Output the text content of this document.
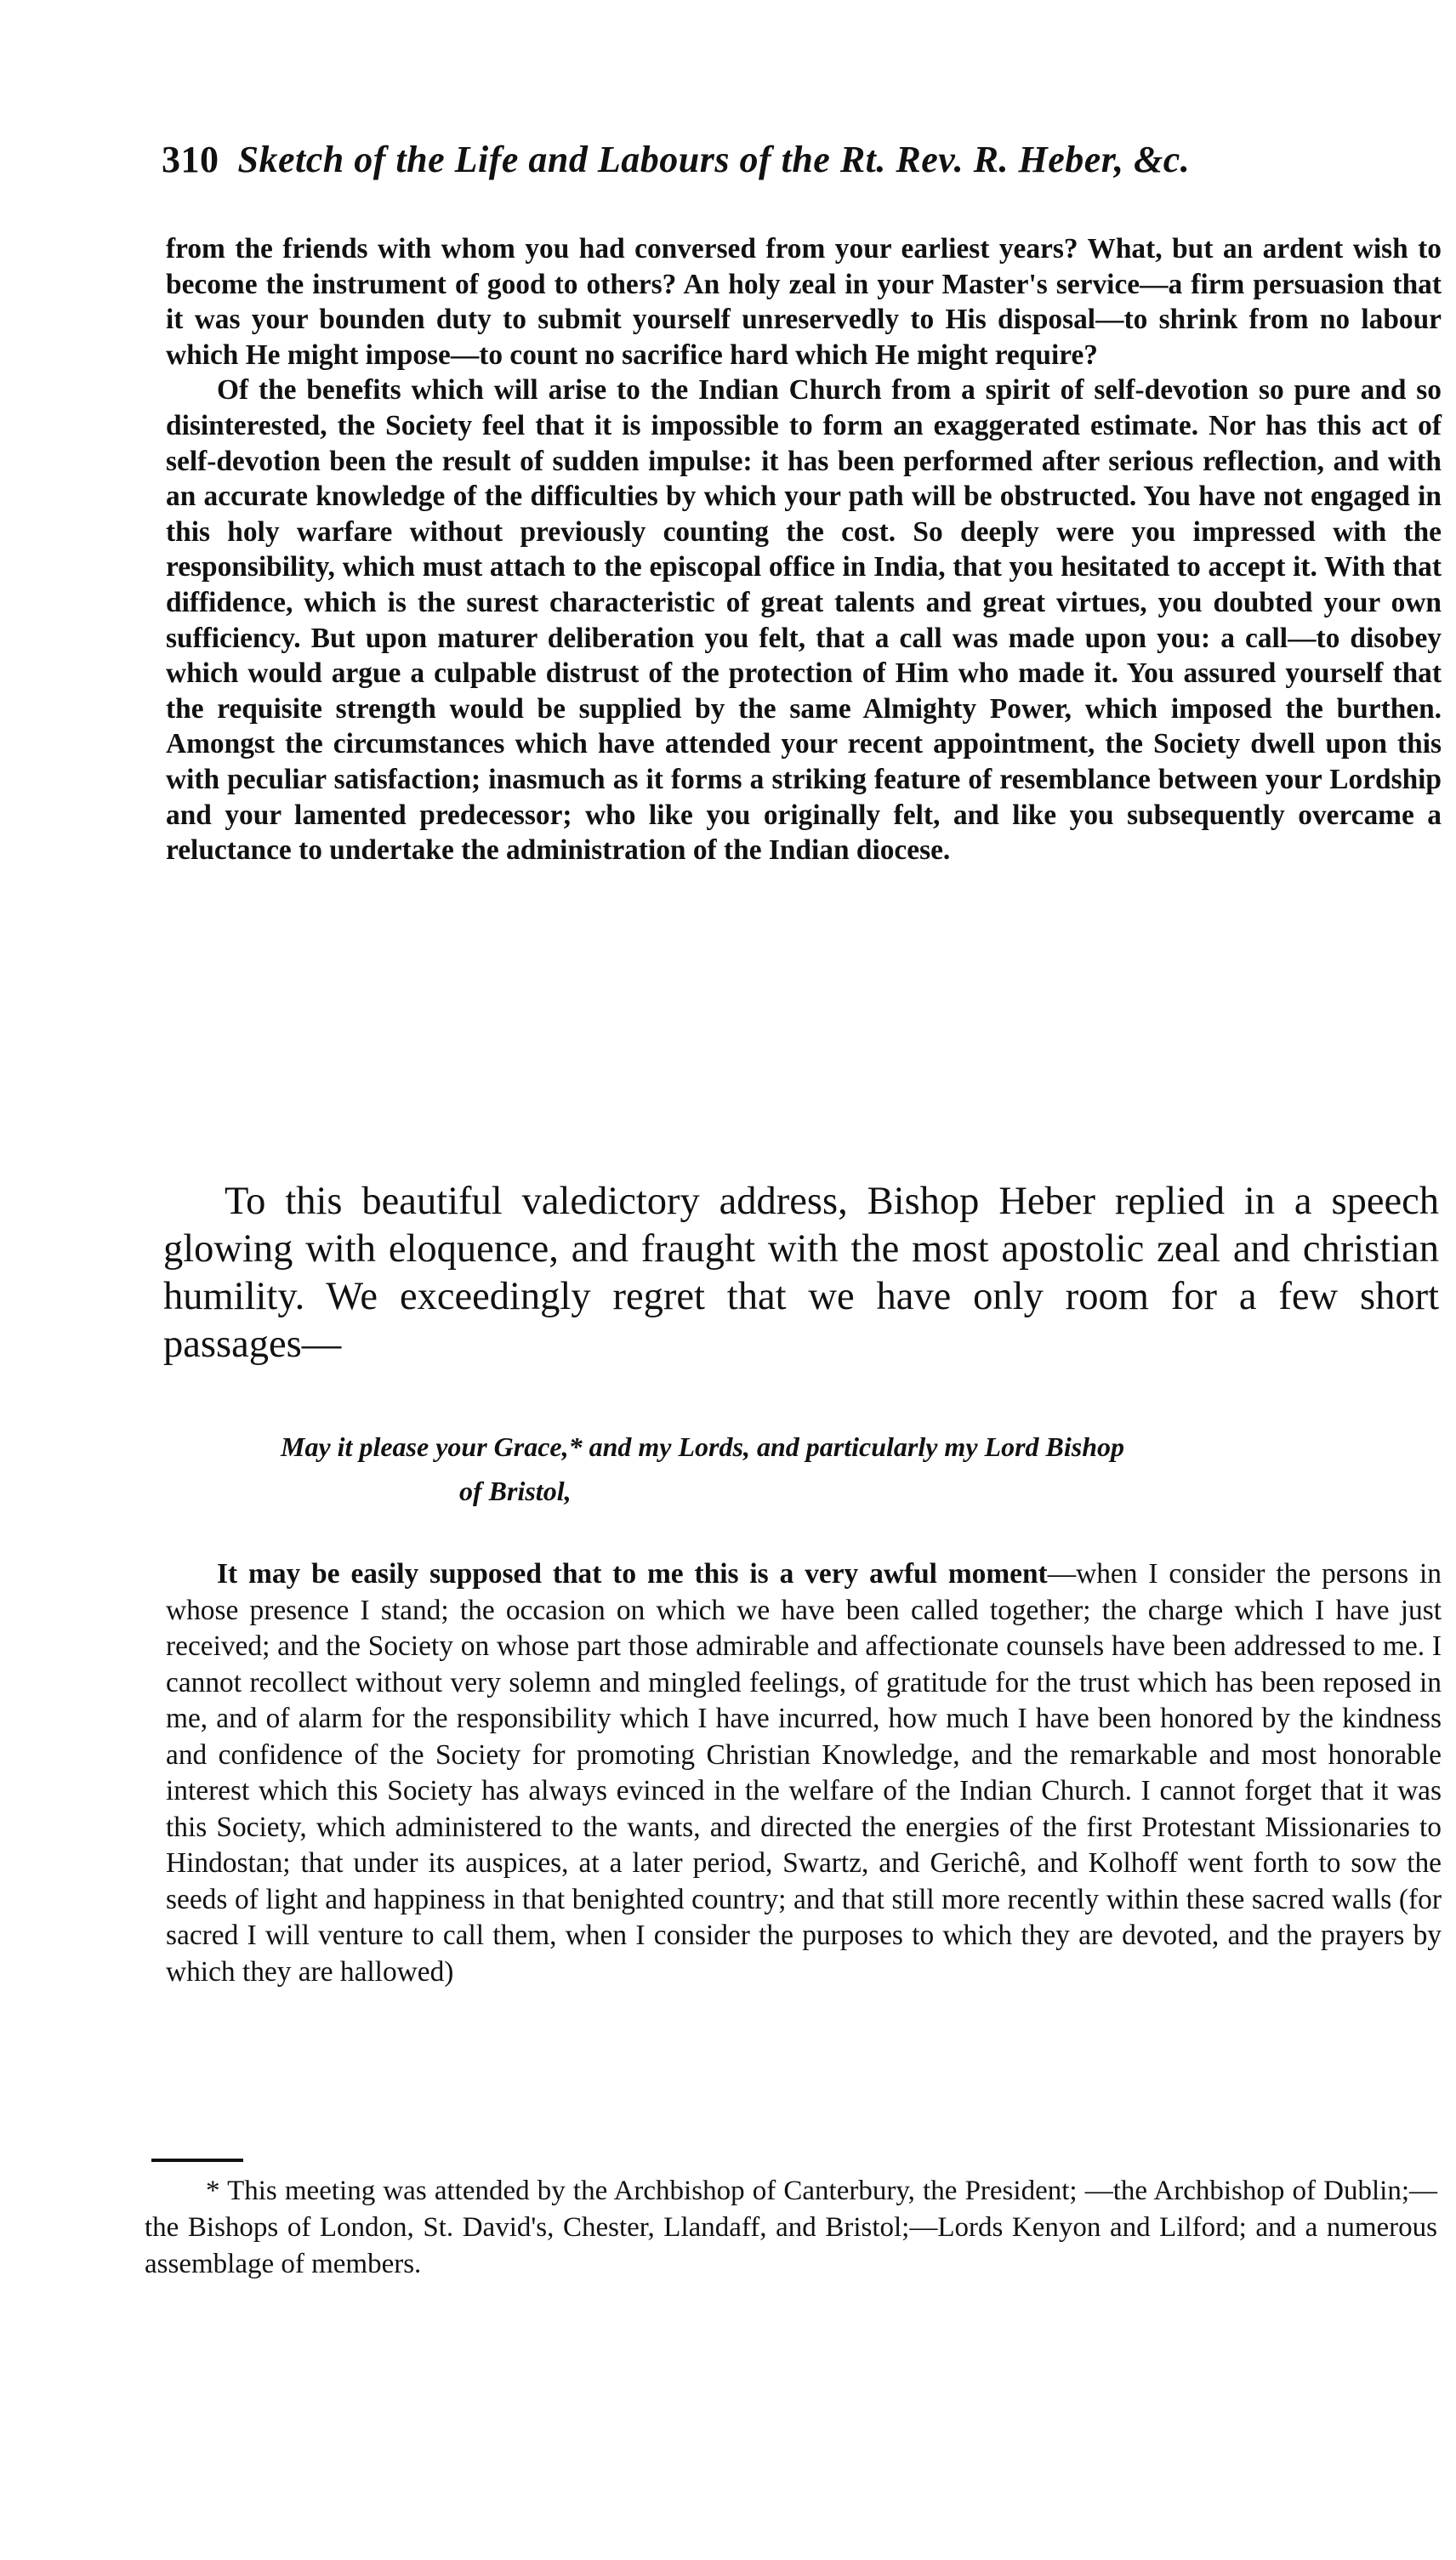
310 Sketch of the Life and Labours of the Rt. Rev. R. Heber, &c.

from the friends with whom you had conversed from your earliest years? What, but an ardent wish to become the instrument of good to others? An holy zeal in your Master's service—a firm persuasion that it was your bounden duty to submit yourself unreservedly to His disposal—to shrink from no labour which He might impose—to count no sacrifice hard which He might require?

Of the benefits which will arise to the Indian Church from a spirit of self-devotion so pure and so disinterested, the Society feel that it is impossible to form an exaggerated estimate. Nor has this act of self-devotion been the result of sudden impulse: it has been performed after serious reflection, and with an accurate knowledge of the difficulties by which your path will be obstructed. You have not engaged in this holy warfare without previously counting the cost. So deeply were you impressed with the responsibility, which must attach to the episcopal office in India, that you hesitated to accept it. With that diffidence, which is the surest characteristic of great talents and great virtues, you doubted your own sufficiency. But upon maturer deliberation you felt, that a call was made upon you: a call—to disobey which would argue a culpable distrust of the protection of Him who made it. You assured yourself that the requisite strength would be supplied by the same Almighty Power, which imposed the burthen. Amongst the circumstances which have attended your recent appointment, the Society dwell upon this with peculiar satisfaction; inasmuch as it forms a striking feature of resemblance between your Lordship and your lamented predecessor; who like you originally felt, and like you subsequently overcame a reluctance to undertake the administration of the Indian diocese.

To this beautiful valedictory address, Bishop Heber replied in a speech glowing with eloquence, and fraught with the most apostolic zeal and christian humility. We exceedingly regret that we have only room for a few short passages—

May it please your Grace,* and my Lords, and particularly my Lord Bishop
of Bristol,

It may be easily supposed that to me this is a very awful moment—when I consider the persons in whose presence I stand; the occasion on which we have been called together; the charge which I have just received; and the Society on whose part those admirable and affectionate counsels have been addressed to me. I cannot recollect without very solemn and mingled feelings, of gratitude for the trust which has been reposed in me, and of alarm for the responsibility which I have incurred, how much I have been honored by the kindness and confidence of the Society for promoting Christian Knowledge, and the remarkable and most honorable interest which this Society has always evinced in the welfare of the Indian Church. I cannot forget that it was this Society, which administered to the wants, and directed the energies of the first Protestant Missionaries to Hindostan; that under its auspices, at a later period, Swartz, and Gerichê, and Kolhoff went forth to sow the seeds of light and happiness in that benighted country; and that still more recently within these sacred walls (for sacred I will venture to call them, when I consider the purposes to which they are devoted, and the prayers by which they are hallowed)

* This meeting was attended by the Archbishop of Canterbury, the President; —the Archbishop of Dublin;—the Bishops of London, St. David's, Chester, Llandaff, and Bristol;—Lords Kenyon and Lilford; and a numerous assemblage of members.
